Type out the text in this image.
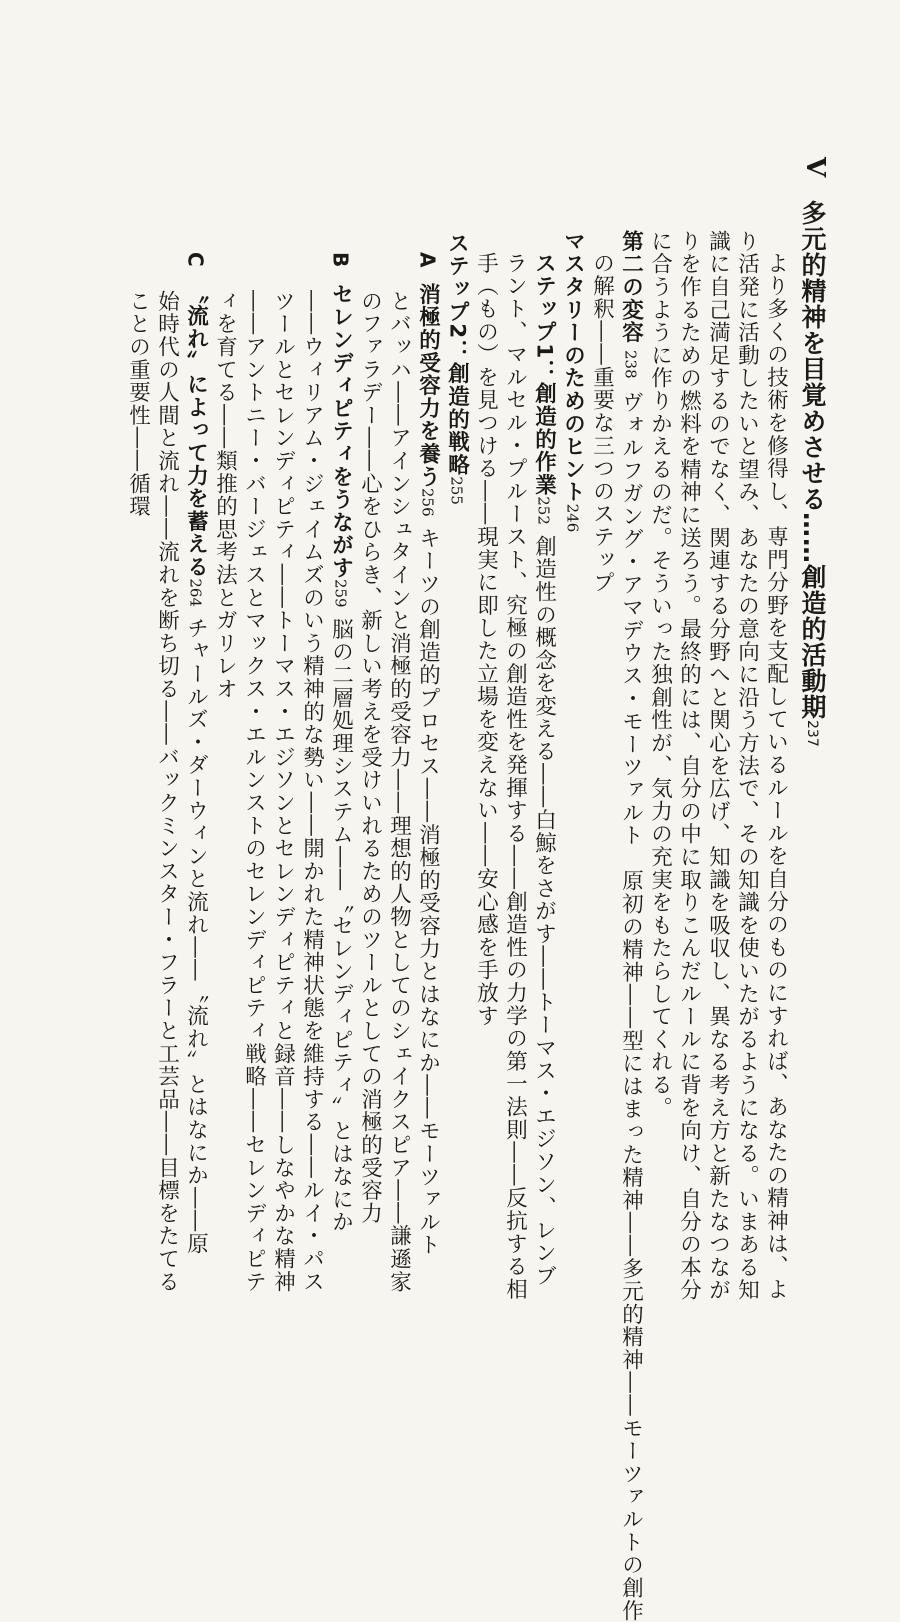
V
多元的精神を目覚めさせる……創造的活動期237
より多くの技術を修得し、専門分野を支配しているルールを自分のものにすれば、あなたの精神は、よ
り活発に活動したいと望み、あなたの意向に沿う方法で、その知識を使いたがるようになる。いまある知
識に自己満足するのでなく、関連する分野へと関心を広げ、知識を吸収し、異なる考え方と新たなつなが
りを作るための燃料を精神に送ろう。最終的には、自分の中に取りこんだルールに背を向け、自分の本分
に合うように作りかえるのだ。そういった独創性が、気力の充実をもたらしてくれる。
第二の変容238ヴォルフガング・アマデウス・モーツァルト　原初の精神――型にはまった精神――多元的精神――モーツァルトの創作
マスタリーのためのヒント246
ステップ1：創造的作業252創造性の概念を変える――白鯨をさがす――トーマス・エジソン、レンブ
ラント、マルセル・プルースト、究極の創造性を発揮する――創造性の力学の第一法則――反抗する相
手（もの）を見つける――現実に即した立場を変えない――安心感を手放す
ステップ2：創造的戦略255
A消極的受容力を養う256キーツの創造的プロセス――消極的受容力とはなにか――モーツァルト
とバッハ――アインシュタインと消極的受容力――理想的人物としてのシェイクスピア――謙遜家
のファラデー――心をひらき、新しい考えを受けいれるためのツールとしての消極的受容力
Bセレンディピティをうながす259脳の二層処理システム――〝セレンディピティ〟とはなにか
――ウィリアム・ジェイムズのいう精神的な勢い――開かれた精神状態を維持する――ルイ・パス
ツールとセレンディピティ――トーマス・エジソンとセレンディピティと録音――しなやかな精神
――アントニー・バージェスとマックス・エルンストのセレンディピティ戦略――セレンディピテ
ィを育てる――類推的思考法とガリレオ
C〝流れ〟によって力を蓄える264チャールズ・ダーウィンと流れ――〝流れ〟とはなにか――原
始時代の人間と流れ――流れを断ち切る――バックミンスター・フラーと工芸品――目標をたてる
ことの重要性――循環	の解釈――重要な三つのステップ
